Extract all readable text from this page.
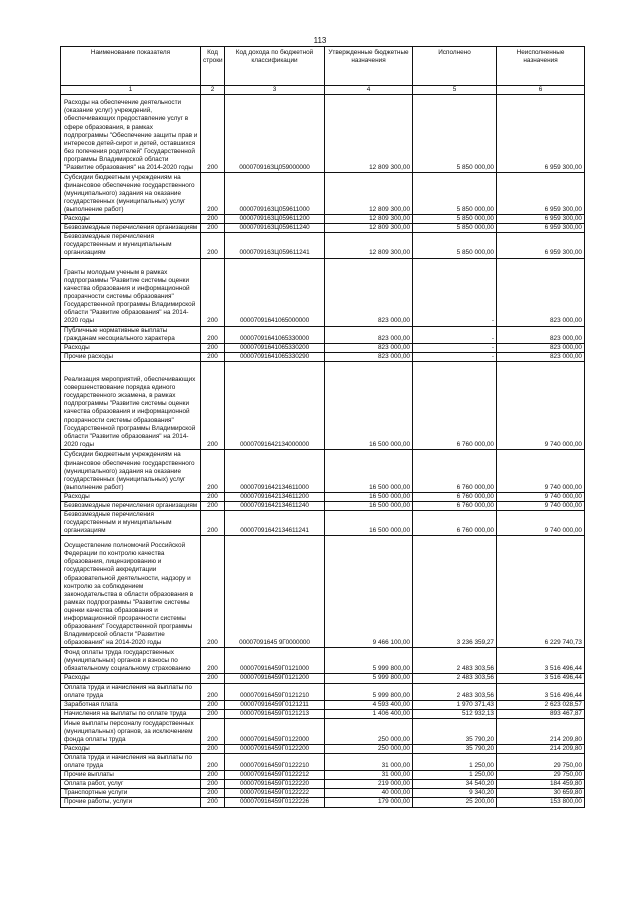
113
Наименование показателя	Код строки	Код дохода по бюджетной классификации	Утвержденные бюджетные назначения	Исполнено	Неисполненные назначения
1	2	3	4	5	6
Расходы на обеспечение деятельности (оказание услуг) учреждений, обеспечивающих предоставление услуг в сфере образования, в рамках подпрограммы "Обеспечение защиты прав и интересов детей-сирот и детей, оставшихся без попечения родителей" Государственной программы Владимирской области "Развитие образования" на 2014-2020 годы	200	000070916ЗЦ059000000	12 809 300,00	5 850 000,00	6 959 300,00
Субсидии бюджетным учреждениям на финансовое обеспечение государственного (муниципального) задания на оказание государственных (муниципальных) услуг (выполнение работ)	200	000070916ЗЦ059611000	12 809 300,00	5 850 000,00	6 959 300,00
Расходы	200	000070916ЗЦ059611200	12 809 300,00	5 850 000,00	6 959 300,00
Безвозмездные перечисления организациям	200	000070916ЗЦ059611240	12 809 300,00	5 850 000,00	6 959 300,00
Безвозмездные перечисления государственным и муниципальным организациям	200	000070916ЗЦ059611241	12 809 300,00	5 850 000,00	6 959 300,00
Гранты молодым ученым в рамках подпрограммы "Развитие системы оценки качества образования и информационной прозрачности системы образования" Государственной программы Владимирской области "Развитие образования" на 2014-2020 годы	200	00007091641065000000	823 000,00	-	823 000,00
Публичные нормативные выплаты гражданам несоциального характера	200	00007091641065330000	823 000,00	-	823 000,00
Расходы	200	00007091641065330200	823 000,00	-	823 000,00
Прочие расходы	200	00007091641065330290	823 000,00	-	823 000,00
Реализация мероприятий, обеспечивающих совершенствование порядка единого государственного экзамена, в рамках подпрограммы "Развитие системы оценки качества образования и информационной прозрачности системы образования" Государственной программы Владимирской области "Развитие образования" на 2014-2020 годы	200	00007091642134000000	16 500 000,00	6 760 000,00	9 740 000,00
Субсидии бюджетным учреждениям на финансовое обеспечение государственного (муниципального) задания на оказание государственных (муниципальных) услуг (выполнение работ)	200	00007091642134611000	16 500 000,00	6 760 000,00	9 740 000,00
Расходы	200	00007091642134611200	16 500 000,00	6 760 000,00	9 740 000,00
Безвозмездные перечисления организациям	200	00007091642134611240	16 500 000,00	6 760 000,00	9 740 000,00
Безвозмездные перечисления государственным и муниципальным организациям	200	00007091642134611241	16 500 000,00	6 760 000,00	9 740 000,00
Осуществление полномочий Российской Федерации по контролю качества образования, лицензированию и государственной аккредитации образовательной деятельности, надзору и контролю за соблюдением законодательства в области образования в рамках подпрограммы "Развитие системы оценки качества образования и информационной прозрачности системы образования" Государственной программы Владимирской области "Развитие образования" на 2014-2020 годы	200	00007091645 9Г0000000	9 466 100,00	3 236 359,27	6 229 740,73
Фонд оплаты труда государственных (муниципальных) органов и взносы по обязательному социальному страхованию	200	000070916459Г0121000	5 999 800,00	2 483 303,56	3 516 496,44
Расходы	200	000070916459Г0121200	5 999 800,00	2 483 303,56	3 516 496,44
Оплата труда и начисления на выплаты по оплате труда	200	000070916459Г0121210	5 999 800,00	2 483 303,56	3 516 496,44
Заработная плата	200	000070916459Г0121211	4 593 400,00	1 970 371,43	2 623 028,57
Начисления на выплаты по оплате труда	200	000070916459Г0121213	1 406 400,00	512 932,13	893 467,87
Иные выплаты персоналу государственных (муниципальных) органов, за исключением фонда оплаты труда	200	000070916459Г0122000	250 000,00	35 790,20	214 209,80
Расходы	200	000070916459Г0122200	250 000,00	35 790,20	214 209,80
Оплата труда и начисления на выплаты по оплате труда	200	000070916459Г0122210	31 000,00	1 250,00	29 750,00
Прочие выплаты	200	000070916459Г0122212	31 000,00	1 250,00	29 750,00
Оплата работ, услуг	200	000070916459Г0122220	219 000,00	34 540,20	184 459,80
Транспортные услуги	200	000070916459Г0122222	40 000,00	9 340,20	30 659,80
Прочие работы, услуги	200	000070916459Г0122226	179 000,00	25 200,00	153 800,00
